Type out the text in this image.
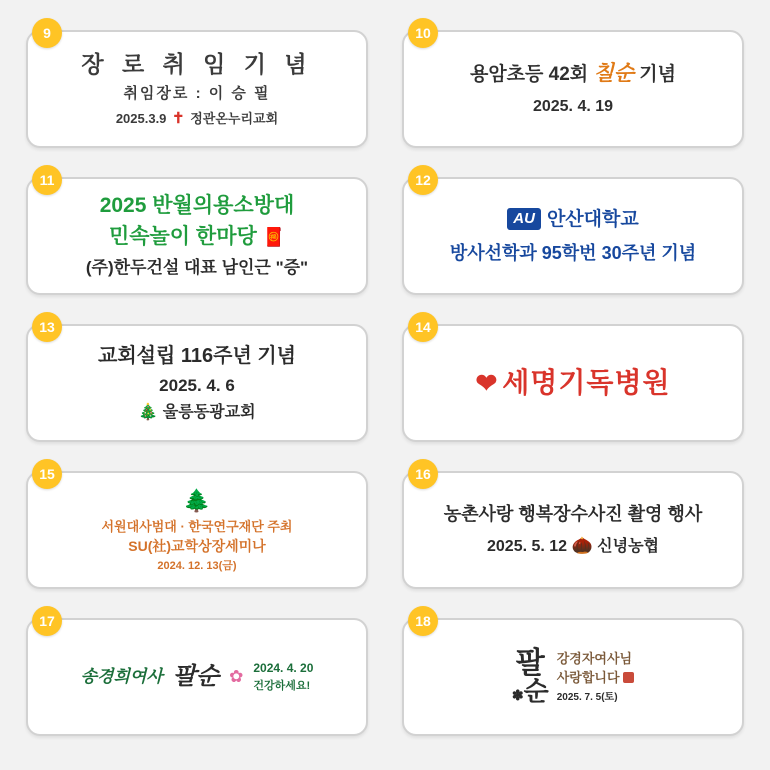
9
장 로 취 임 기 념
취임장로 : 이 승 필
2025.3.9 ✝ 정관온누리교회
10
용암초등 42회 칠순 기념
2025. 4. 19
11
2025 반월의용소방대
민속놀이 한마당 🧧
(주)한두건설 대표 남인근 "증"
12
AU 안산대학교
방사선학과 95학번 30주년 기념
13
교회설립 116주년 기념
2025. 4. 6
🎄 울릉동광교회
14
❤ 세명기독병원
15
🌲
서원대사범대 · 한국연구재단 주최
SU(社)교학상장세미나
2024. 12. 13(금)
16
농촌사랑 행복장수사진 촬영 행사
2025. 5. 12 🌰 신녕농협
17
송경희여사 팔순 ✿ 2024. 4. 20
건강하세요!
18
팔
✽순
강경자여사님
사랑합니다
2025. 7. 5(토)
